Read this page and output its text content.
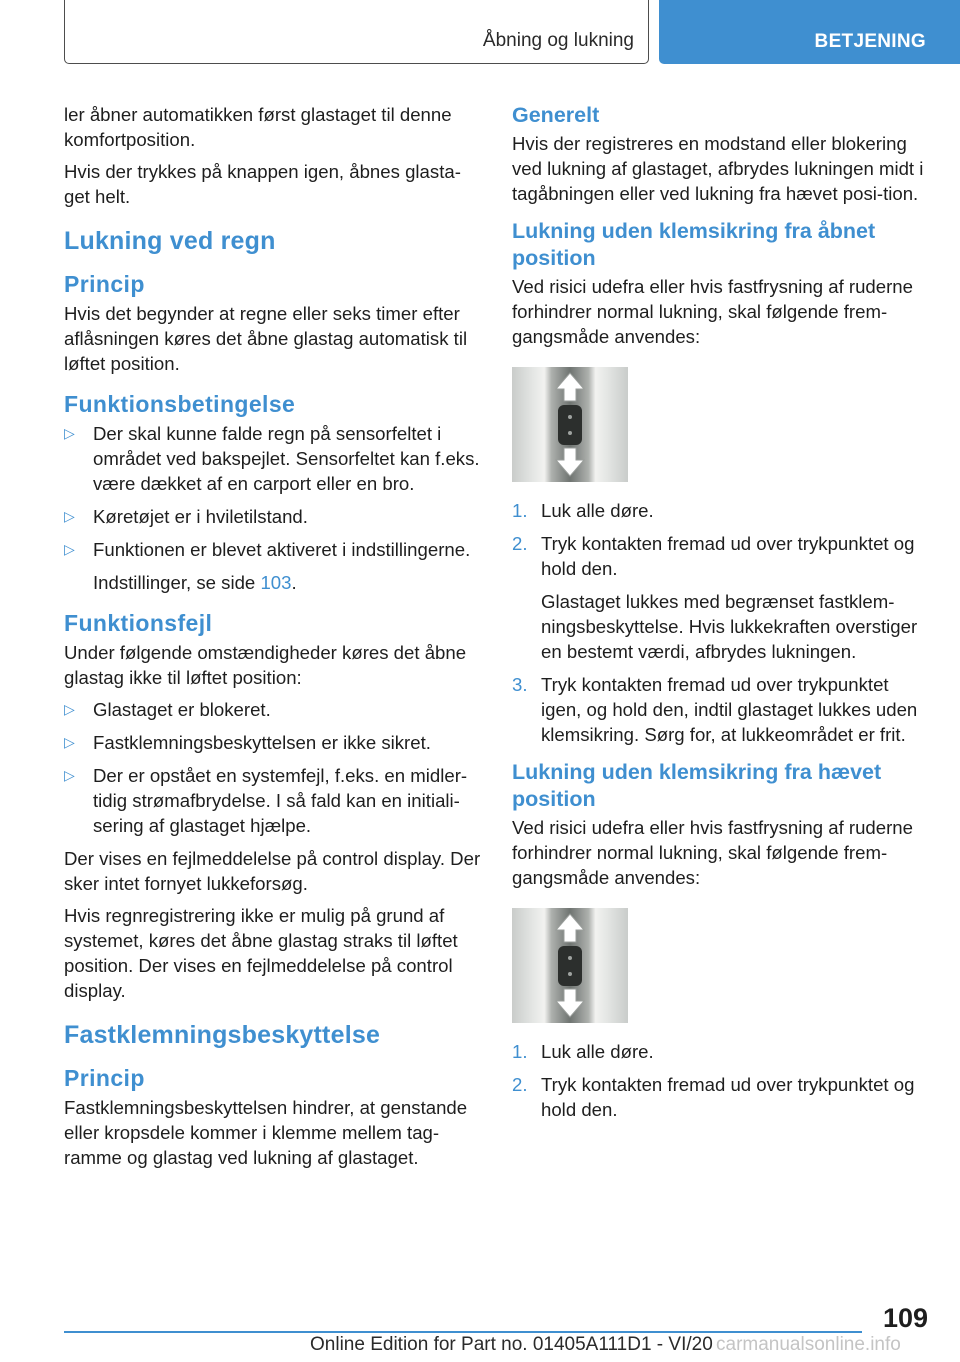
Åbning og lukning	BETJENING

ler åbner automatikken først glastaget til denne komfortposition.

Hvis der trykkes på knappen igen, åbnes glasta‐get helt.

Lukning ved regn
Princip

Hvis det begynder at regne eller seks timer efter aflåsningen køres det åbne glastag automatisk til løftet position.

Funktionsbetingelse
▷ Der skal kunne falde regn på sensorfeltet i området ved bakspejlet. Sensorfeltet kan f.eks. være dækket af en carport eller en bro.
▷ Køretøjet er i hviletilstand.
▷ Funktionen er blevet aktiveret i indstillingerne.
Indstillinger, se side 103.
Funktionsfejl

Under følgende omstændigheder køres det åbne glastag ikke til løftet position:

▷ Glastaget er blokeret.
▷ Fastklemningsbeskyttelsen er ikke sikret.
▷ Der er opstået en systemfejl, f.eks. en midler‐tidig strømafbrydelse. I så fald kan en initiali‐sering af glastaget hjælpe.

Der vises en fejlmeddelelse på control display. Der sker intet fornyet lukkeforsøg.

Hvis regnregistrering ikke er mulig på grund af systemet, køres det åbne glastag straks til løftet position. Der vises en fejlmeddelelse på control display.

Fastklemningsbeskyttelse
Princip

Fastklemningsbeskyttelsen hindrer, at genstande eller kropsdele kommer i klemme mellem tag‐ramme og glastag ved lukning af glastaget.

Generelt

Hvis der registreres en modstand eller blokering ved lukning af glastaget, afbrydes lukningen midt i tagåbningen eller ved lukning fra hævet posi‐tion.

Lukning uden klemsikring fra åbnet position

Ved risici udefra eller hvis fastfrysning af ruderne forhindrer normal lukning, skal følgende frem‐gangsmåde anvendes:

1. Luk alle døre.
2. Tryk kontakten fremad ud over trykpunktet og hold den.
Glastaget lukkes med begrænset fastklem‐ningsbeskyttelse. Hvis lukkekraften overstiger en bestemt værdi, afbrydes lukningen.
3. Tryk kontakten fremad ud over trykpunktet igen, og hold den, indtil glastaget lukkes uden klemsikring. Sørg for, at lukkeområdet er frit.
Lukning uden klemsikring fra hævet position

Ved risici udefra eller hvis fastfrysning af ruderne forhindrer normal lukning, skal følgende frem‐gangsmåde anvendes:

1. Luk alle døre.
2. Tryk kontakten fremad ud over trykpunktet og hold den.
109
Online Edition for Part no. 01405A111D1 - VI/20 carmanualsonline.info
